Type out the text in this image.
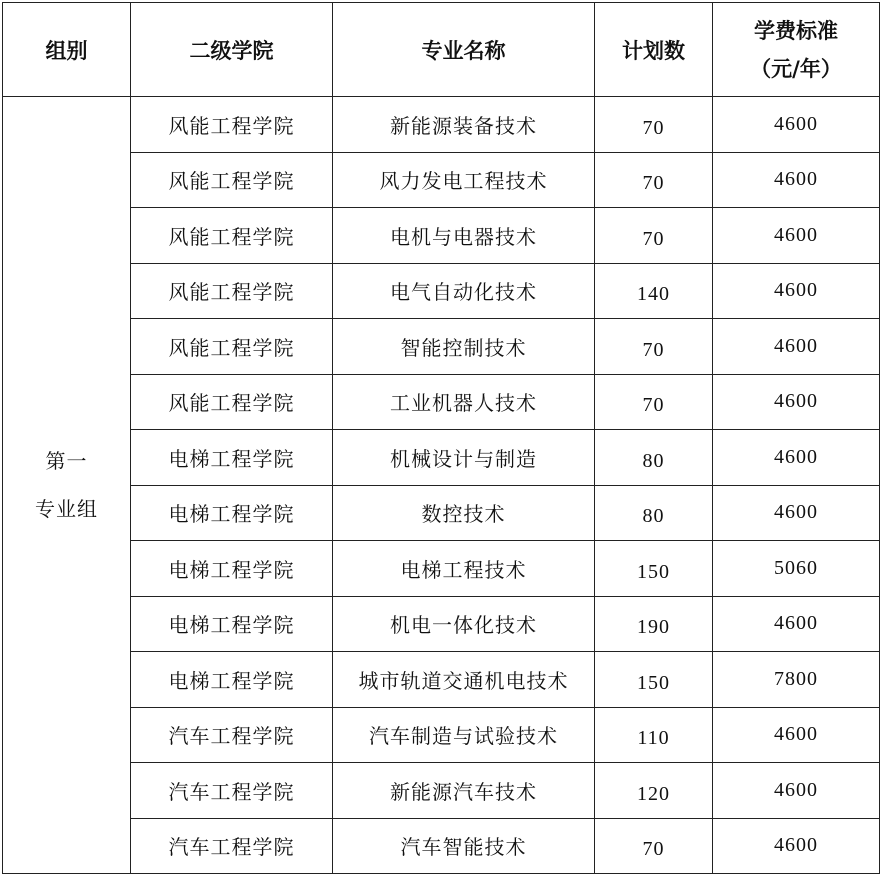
组别	二级学院	专业名称	计划数	学费标准
（元/年）

第一
专业组	风能工程学院	新能源装备技术	70	4600
	风能工程学院	风力发电工程技术	70	4600
	风能工程学院	电机与电器技术	70	4600
	风能工程学院	电气自动化技术	140	4600
	风能工程学院	智能控制技术	70	4600
	风能工程学院	工业机器人技术	70	4600
	电梯工程学院	机械设计与制造	80	4600
	电梯工程学院	数控技术	80	4600
	电梯工程学院	电梯工程技术	150	5060
	电梯工程学院	机电一体化技术	190	4600
	电梯工程学院	城市轨道交通机电技术	150	7800
	汽车工程学院	汽车制造与试验技术	110	4600
	汽车工程学院	新能源汽车技术	120	4600
	汽车工程学院	汽车智能技术	70	4600
